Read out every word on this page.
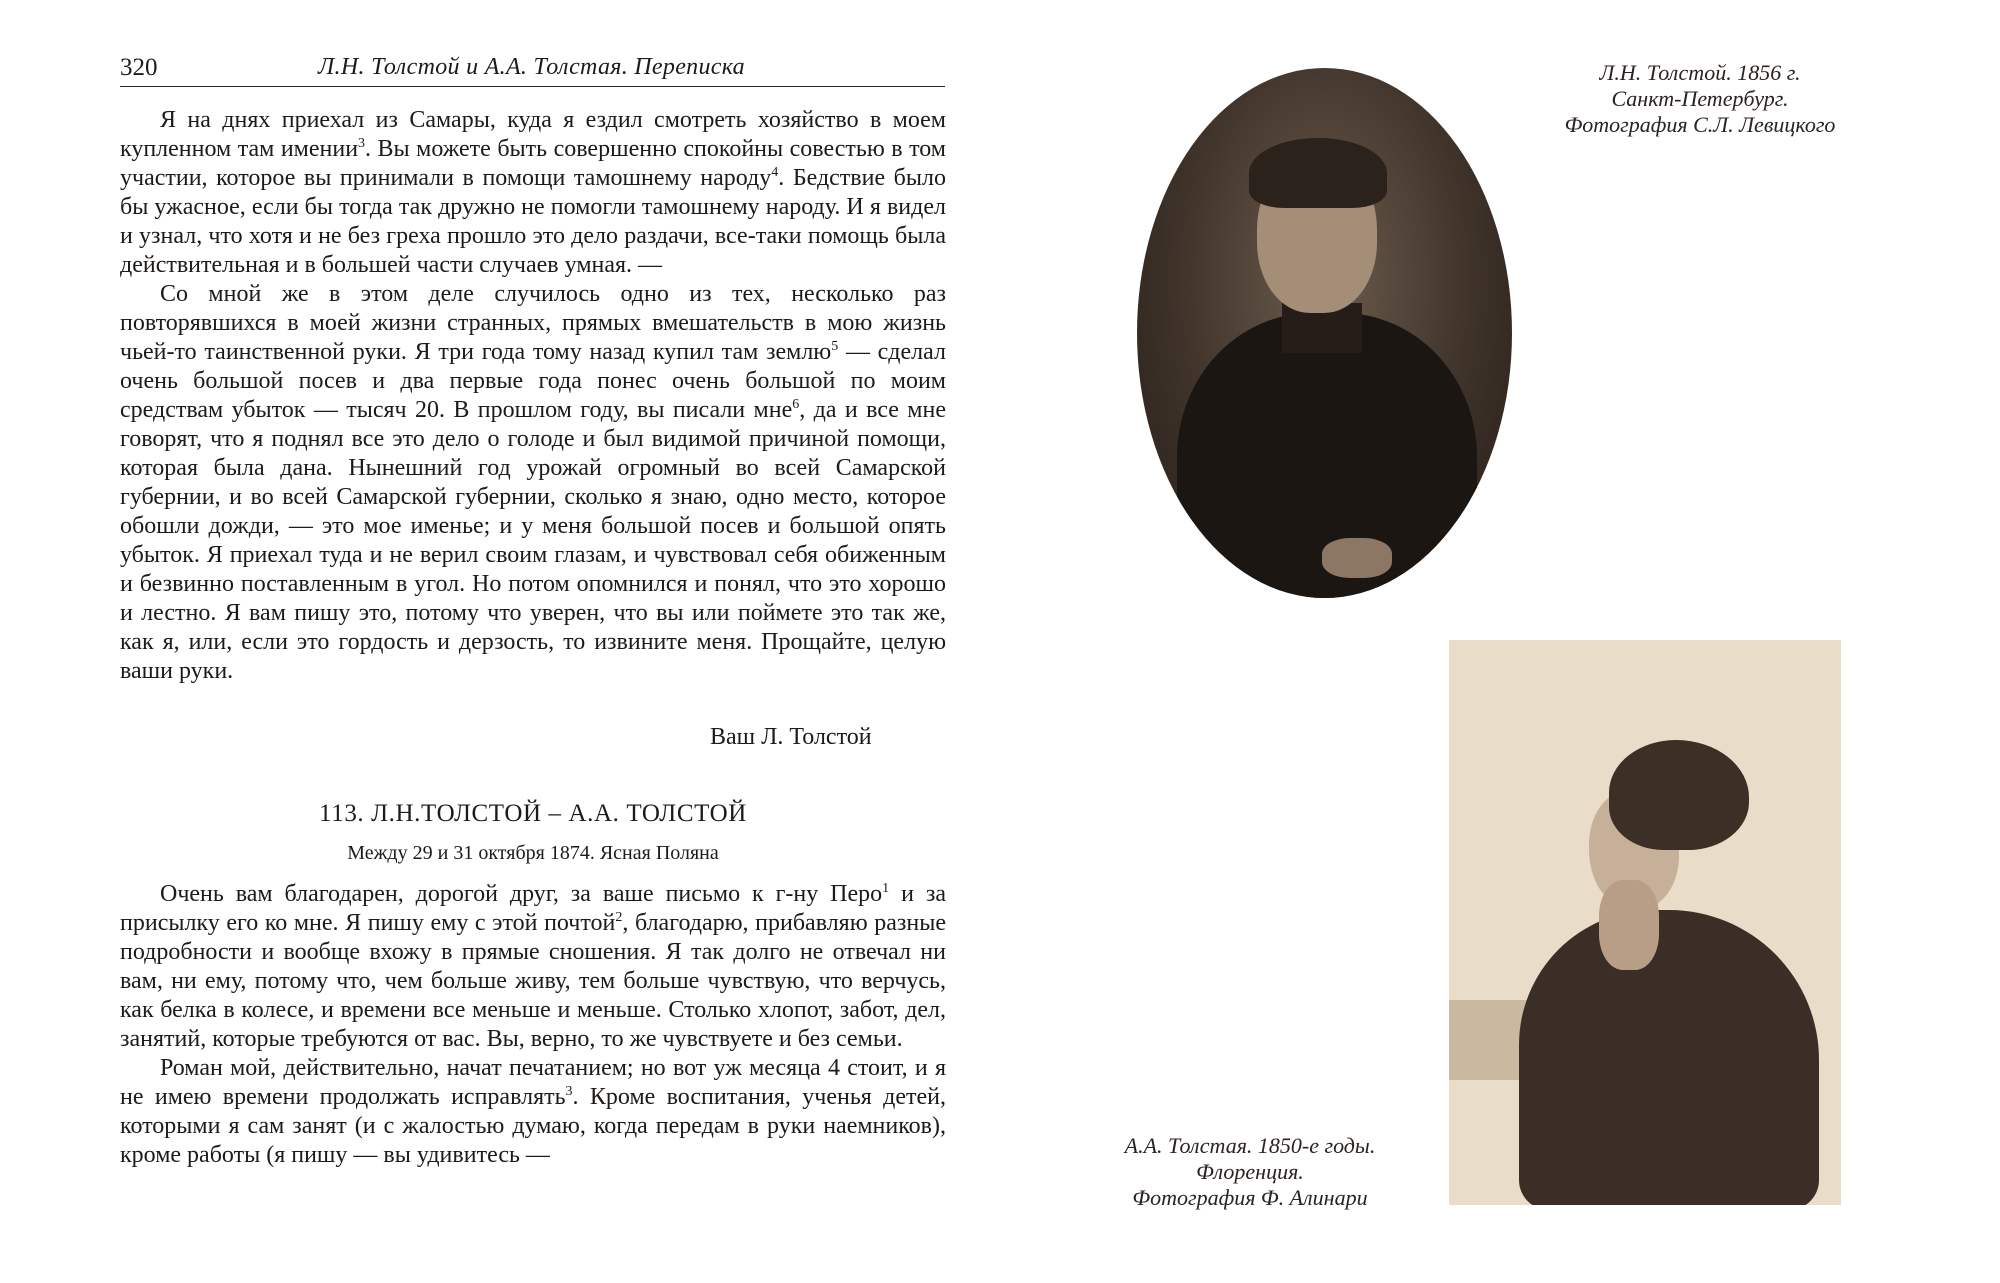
320	Л.Н. Толстой и А.А. Толстая. Переписка

Я на днях приехал из Самары, куда я ездил смотреть хозяйство в моем купленном там имении$^3$. Вы можете быть совершенно спокойны совестью в том участии, которое вы принимали в помощи тамошнему народу$^4$. Бедствие было бы ужасное, если бы тогда так дружно не помогли тамошнему народу. И я видел и узнал, что хотя и не без греха прошло это дело раздачи, все-таки помощь была действительная и в большей части случаев умная. —

Со мной же в этом деле случилось одно из тех, несколько раз повторявшихся в моей жизни странных, прямых вмешательств в мою жизнь чьей-то таинственной руки. Я три года тому назад купил там землю$^5$ — сделал очень большой посев и два первые года понес очень большой по моим средствам убыток — тысяч 20. В прошлом году, вы писали мне$^6$, да и все мне говорят, что я поднял все это дело о голоде и был видимой причиной помощи, которая была дана. Нынешний год урожай огромный во всей Самарской губернии, и во всей Самарской губернии, сколько я знаю, одно место, которое обошли дожди, — это мое именье; и у меня большой посев и большой опять убыток. Я приехал туда и не верил своим глазам, и чувствовал себя обиженным и безвинно поставленным в угол. Но потом опомнился и понял, что это хорошо и лестно. Я вам пишу это, потому что уверен, что вы или поймете это так же, как я, или, если это гордость и дерзость, то извините меня. Прощайте, целую ваши руки.

Ваш Л. Толстой
113. Л.Н.ТОЛСТОЙ – А.А. ТОЛСТОЙ
Между 29 и 31 октября 1874. Ясная Поляна

Очень вам благодарен, дорогой друг, за ваше письмо к г-ну Перо$^1$ и за присылку его ко мне. Я пишу ему с этой почтой$^2$, благодарю, прибавляю разные подробности и вообще вхожу в прямые сношения. Я так долго не отвечал ни вам, ни ему, потому что, чем больше живу, тем больше чувствую, что верчусь, как белка в колесе, и времени все меньше и меньше. Столько хлопот, забот, дел, занятий, которые требуются от вас. Вы, верно, то же чувствуете и без семьи.

Роман мой, действительно, начат печатанием; но вот уж месяца 4 стоит, и я не имею времени продолжать исправлять$^3$. Кроме воспитания, ученья детей, которыми я сам занят (и с жалостью думаю, когда передам в руки наемников), кроме работы (я пишу — вы удивитесь —

Л.Н. Толстой. 1856 г.
Санкт-Петербург.
Фотография С.Л. Левицкого
А.А. Толстая. 1850-е годы.
Флоренция.
Фотография Ф. Алинари
